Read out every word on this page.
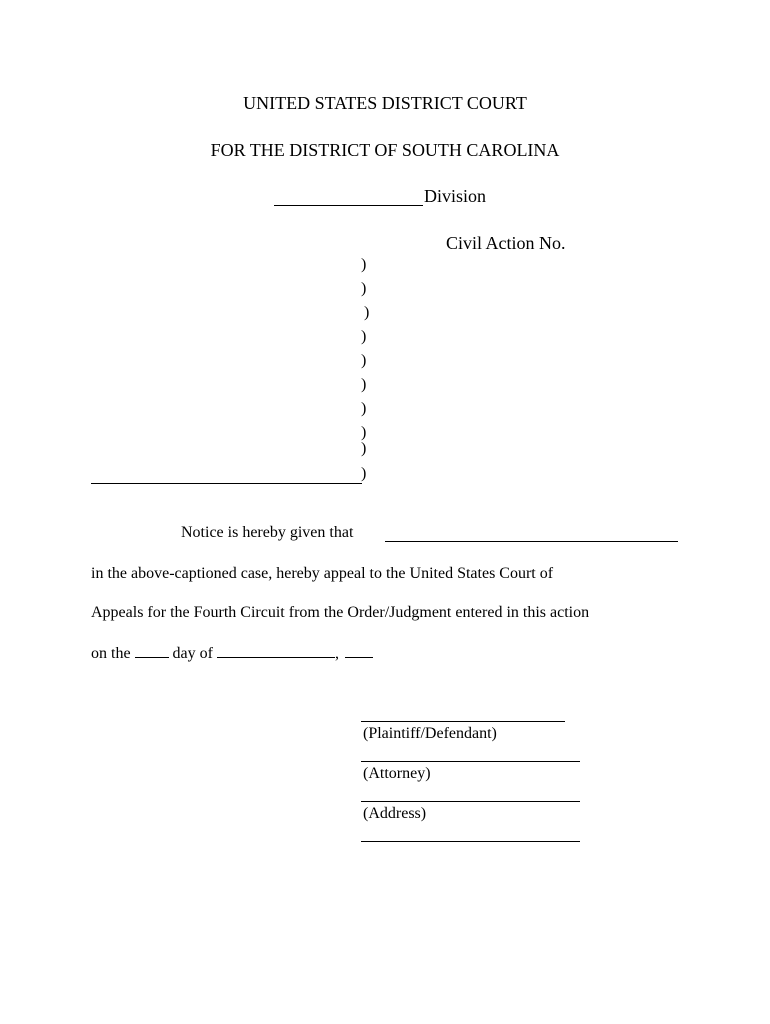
UNITED STATES DISTRICT COURT
FOR THE DISTRICT OF SOUTH CAROLINA
Division
Civil Action No.
)
)
)
)
)
)
)
)
)
)
Notice is hereby given that
in the above-captioned case, hereby appeal to the United States Court of
Appeals for the Fourth Circuit from the Order/Judgment entered in this action
on the	day of	,
(Plaintiff/Defendant)
(Attorney)
(Address)
